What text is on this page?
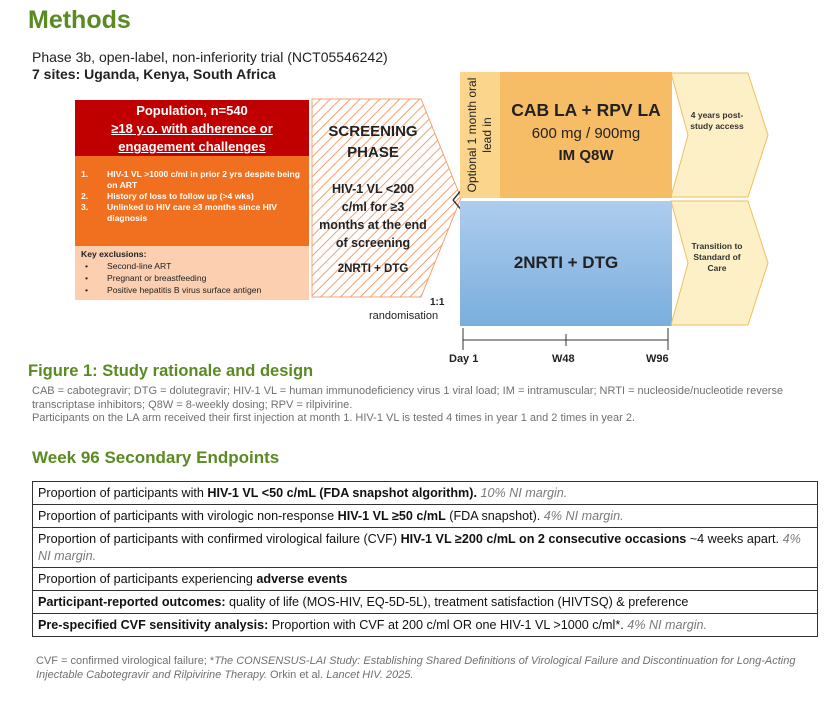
Methods
Phase 3b, open-label, non-inferiority trial (NCT05546242)
7 sites: Uganda, Kenya, South Africa
Population, n=540
≥18 y.o. with adherence or engagement challenges
1.	HIV-1 VL >1000 c/ml in prior 2 yrs despite being on ART
2.	History of loss to follow up (>4 wks)
3.	Unlinked to HIV care ≥3 months since HIV diagnosis
Key exclusions:
•	Second-line ART
•	Pregnant or breastfeeding
•	Positive hepatitis B virus surface antigen
SCREENING PHASE
HIV-1 VL <200 c/ml for ≥3 months at the end of screening
2NRTI + DTG
1:1
randomisation
Optional 1 month oral lead in
CAB LA + RPV LA
600 mg / 900mg
IM Q8W
4 years post-study access
2NRTI + DTG
Transition to Standard of Care
Day 1	W48	W96
Figure 1: Study rationale and design
CAB = cabotegravir; DTG = dolutegravir; HIV-1 VL = human immunodeficiency virus 1 viral load; IM = intramuscular; NRTI = nucleoside/nucleotide reverse transcriptase inhibitors; Q8W = 8-weekly dosing; RPV = rilpivirine.
Participants on the LA arm received their first injection at month 1. HIV-1 VL is tested 4 times in year 1 and 2 times in year 2.
Week 96 Secondary Endpoints
Proportion of participants with HIV-1 VL <50 c/mL (FDA snapshot algorithm). 10% NI margin.
Proportion of participants with virologic non-response HIV-1 VL ≥50 c/mL (FDA snapshot). 4% NI margin.
Proportion of participants with confirmed virological failure (CVF) HIV-1 VL ≥200 c/mL on 2 consecutive occasions ~4 weeks apart. 4% NI margin.
Proportion of participants experiencing adverse events
Participant-reported outcomes: quality of life (MOS-HIV, EQ-5D-5L), treatment satisfaction (HIVTSQ) & preference
Pre-specified CVF sensitivity analysis: Proportion with CVF at 200 c/ml OR one HIV-1 VL >1000 c/ml*. 4% NI margin.
CVF = confirmed virological failure; *The CONSENSUS-LAI Study: Establishing Shared Definitions of Virological Failure and Discontinuation for Long-Acting Injectable Cabotegravir and Rilpivirine Therapy. Orkin et al. Lancet HIV. 2025.
